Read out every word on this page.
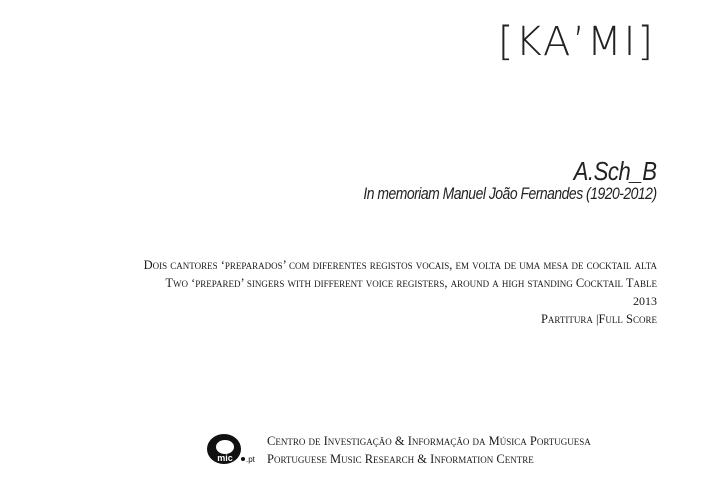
[KA’MI]
A.Sch_B
In memoriam Manuel João Fernandes (1920-2012)
Dois cantores ‘preparados’ com diferentes registos vocais, em volta de uma mesa de cocktail alta
Two ‘prepared’ singers with different voice registers, around a high standing Cocktail Table
2013
Partitura |Full Score
mic .pt
Centro de Investigação & Informação da Música Portuguesa
Portuguese Music Research & Information Centre
